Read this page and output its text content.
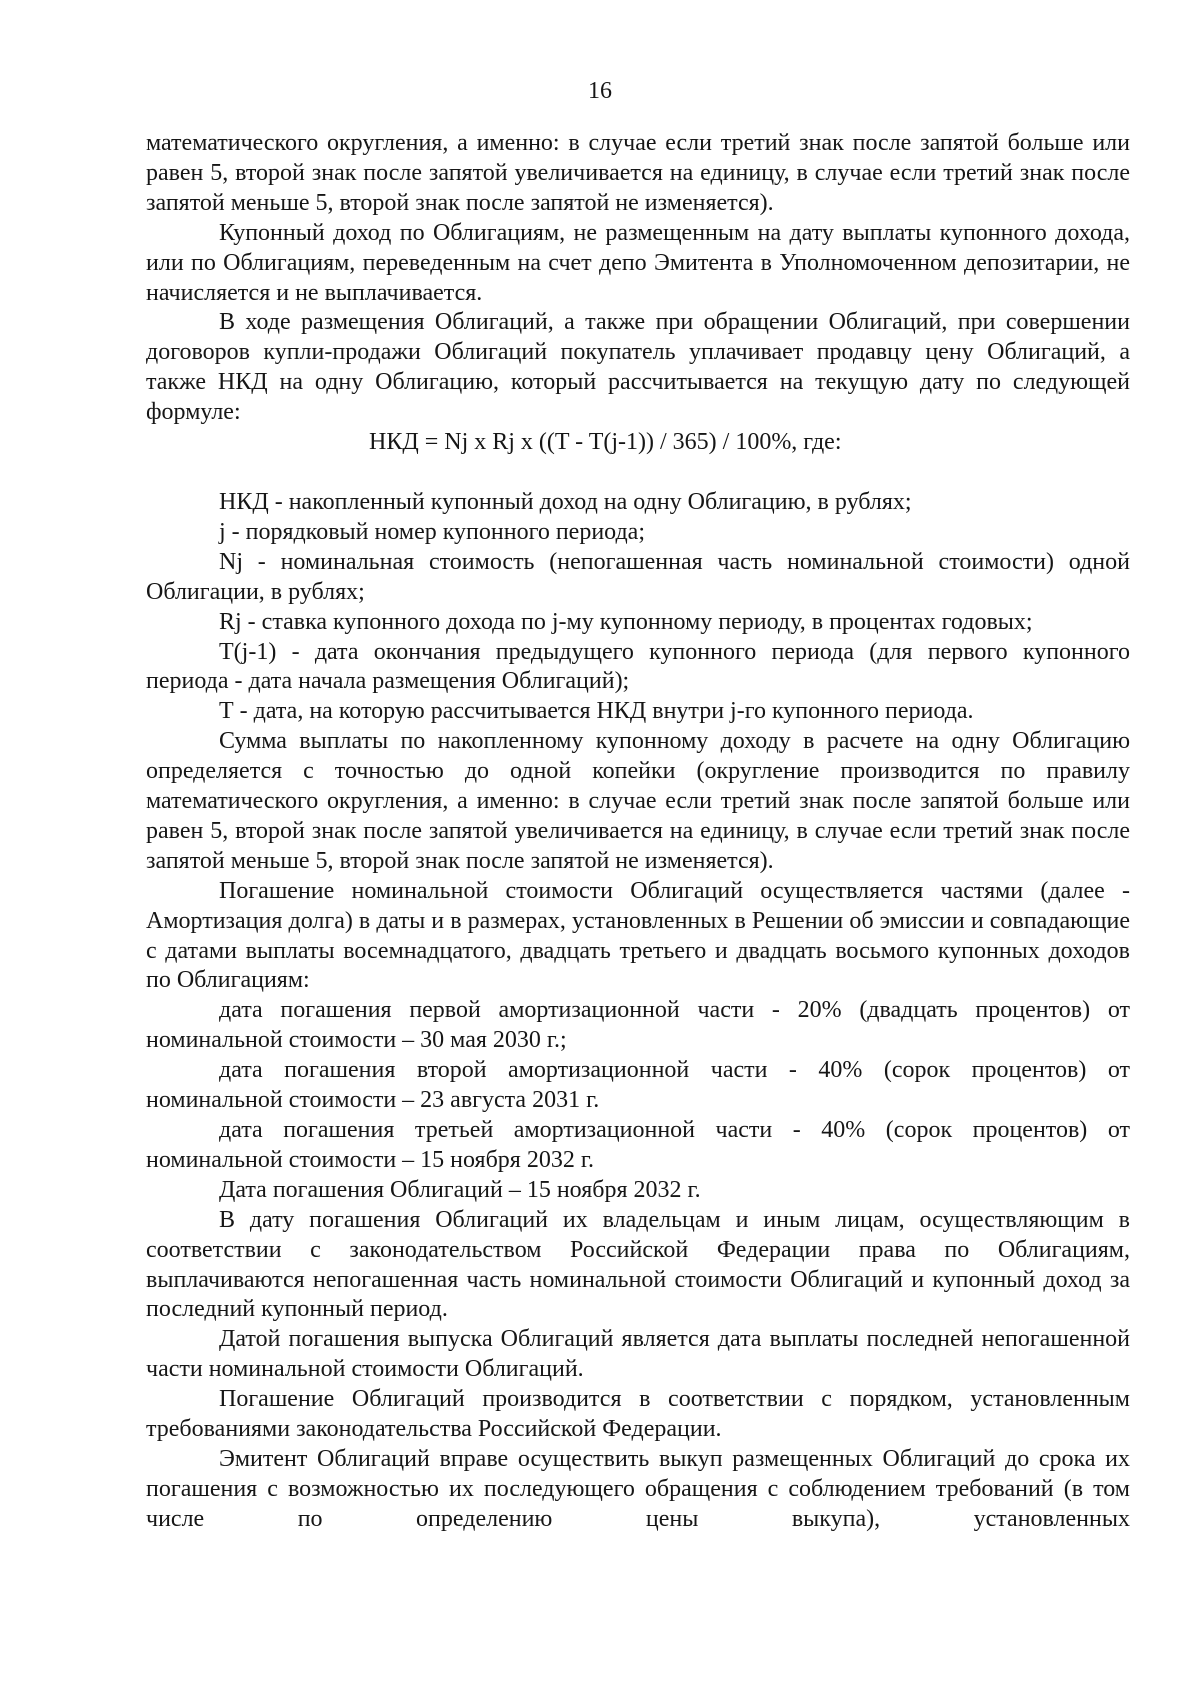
16

математического округления, а именно: в случае если третий знак после запятой больше или равен 5, второй знак после запятой увеличивается на единицу, в случае если третий знак после запятой меньше 5, второй знак после запятой не изменяется).

Купонный доход по Облигациям, не размещенным на дату выплаты купонного дохода, или по Облигациям, переведенным на счет депо Эмитента в Уполномоченном депозитарии, не начисляется и не выплачивается.

В ходе размещения Облигаций, а также при обращении Облигаций, при совершении договоров купли-продажи Облигаций покупатель уплачивает продавцу цену Облигаций, а также НКД на одну Облигацию, который рассчитывается на текущую дату по следующей формуле:

НКД = Nj x Rj x ((T - T(j-1)) / 365) / 100%, где:

НКД - накопленный купонный доход на одну Облигацию, в рублях;

j - порядковый номер купонного периода;

Nj - номинальная стоимость (непогашенная часть номинальной стоимости) одной Облигации, в рублях;

Rj - ставка купонного дохода по j-му купонному периоду, в процентах годовых;

T(j-1) - дата окончания предыдущего купонного периода (для первого купонного периода - дата начала размещения Облигаций);

Т - дата, на которую рассчитывается НКД внутри j-го купонного периода.

Сумма выплаты по накопленному купонному доходу в расчете на одну Облигацию определяется с точностью до одной копейки (округление производится по правилу математического округления, а именно: в случае если третий знак после запятой больше или равен 5, второй знак после запятой увеличивается на единицу, в случае если третий знак после запятой меньше 5, второй знак после запятой не изменяется).

Погашение номинальной стоимости Облигаций осуществляется частями (далее - Амортизация долга) в даты и в размерах, установленных в Решении об эмиссии и совпадающие с датами выплаты восемнадцатого, двадцать третьего и двадцать восьмого купонных доходов по Облигациям:

дата погашения первой амортизационной части - 20% (двадцать процентов) от номинальной стоимости – 30 мая 2030 г.;

дата погашения второй амортизационной части - 40% (сорок процентов) от номинальной стоимости – 23 августа 2031 г.

дата погашения третьей амортизационной части - 40% (сорок процентов) от номинальной стоимости – 15 ноября 2032 г.

Дата погашения Облигаций – 15 ноября 2032 г.

В дату погашения Облигаций их владельцам и иным лицам, осуществляющим в соответствии с законодательством Российской Федерации права по Облигациям, выплачиваются непогашенная часть номинальной стоимости Облигаций и купонный доход за последний купонный период.

Датой погашения выпуска Облигаций является дата выплаты последней непогашенной части номинальной стоимости Облигаций.

Погашение Облигаций производится в соответствии с порядком, установленным требованиями законодательства Российской Федерации.

Эмитент Облигаций вправе осуществить выкуп размещенных Облигаций до срока их погашения с возможностью их последующего обращения с соблюдением требований (в том числе по определению цены выкупа), установленных
